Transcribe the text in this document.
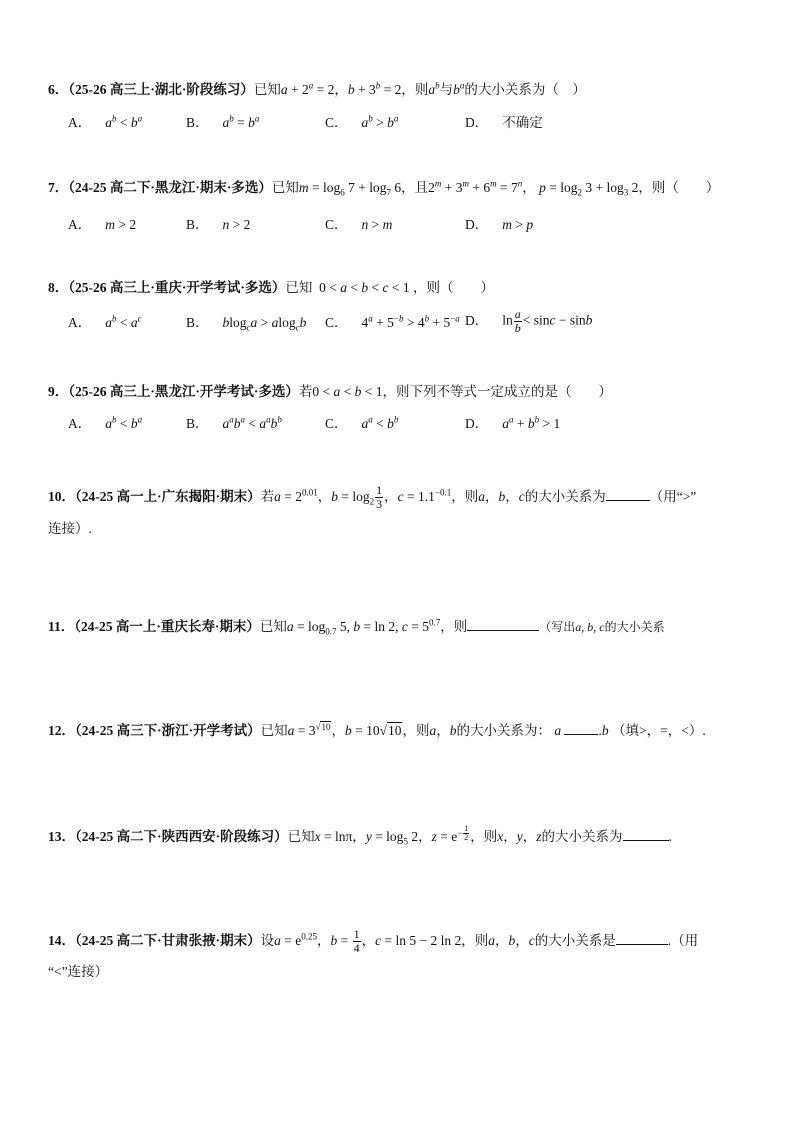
6．（25-26 高三上·湖北·阶段练习）已知$a + 2^a = 2$，$b + 3^b = 2$，则$a^b$与$b^a$的大小关系为（　）
A． $a^b < b^a$	B． $a^b = b^a$	C． $a^b > b^a$	D． 不确定
7．（24-25 高二下·黑龙江·期末·多选）已知$m = \log_6 7 + \log_7 6$，且$2^m + 3^m + 6^m = 7^n$， $p = \log_2 3 + \log_3 2$，则（　　）
A． m > 2	B． n > 2	C． n > m	D． m > p
8．（25-26 高三上·重庆·开学考试·多选）已知  0 < a < b < c < 1 ，则（　　）
A． $a^b < a^c$	B． blog$_c$a > alog$_c$b C． $4^a + 5^{-b} > 4^b + 5^{-a}$ D． $\ln \frac{a}{b} < \sin c - \sin b$
9．（25-26 高三上·黑龙江·开学考试·多选）若0 < a < b < 1，则下列不等式一定成立的是（　　）
A． $a^b < b^a$	B． $a^ab^a < a^ab^b$	C． $a^a < b^b$	D． $a^a + b^b > 1$
10．（24-25 高一上·广东揭阳·期末）若$a = 2^{0.01}$，$b = \log_2 \frac{1}{3}$ ，$c = 1.1^{-0.1}$，则a，b，c的大小关系为	（用“>”
连接）.
11．（24-25 高一上·重庆长寿·期末）已知$a = \log_{0.7} 5$, b = ln 2, $c = 5^{0.7}$，则	（写出a, b, c的大小关系
12．（24-25 高三下·浙江·开学考试）已知$a = 3^{√10}$，b = 10√10，则a，b的大小关系为： a	.b （填>，=，<）.
13．（24-25 高二下·陕西西安·阶段练习）已知x = lnπ，$y = \log_5 2$，$z = e^{- \frac{1}{2}}$ ，则x，y，z的大小关系为	.
14．（24-25 高二下·甘肃张掖·期末）设$a = e^{0.25}$，$b = \frac{1}{4}$ ，c = ln 5 − 2 ln 2，则a，b，c的大小关系是	.（用
“<”连接）
